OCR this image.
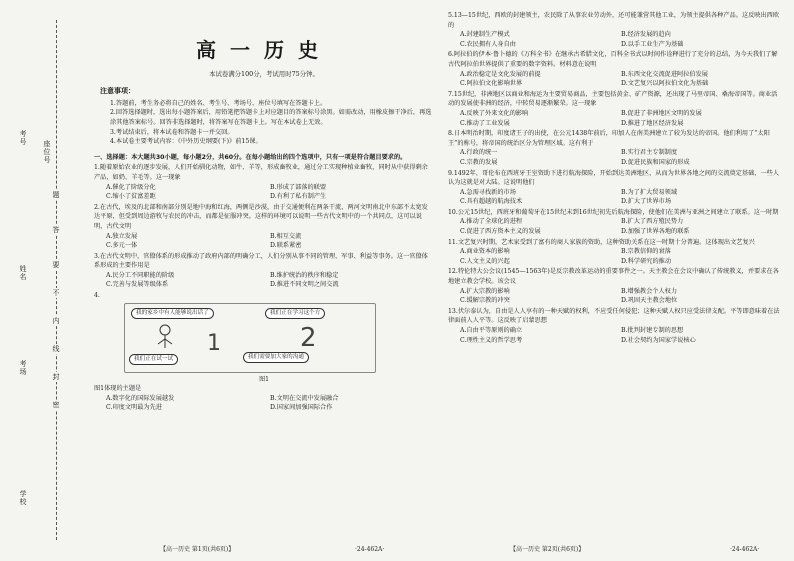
考号
姓名
考场
学校
座位号
题
答
要
不
内
线
封
密
高一历史
本试卷满分100分，考试用时75分钟。
注意事项：
1.答题前，考生务必将自己的姓名、考生号、考场号、座位号填写在答题卡上。
2.回答选择题时，选出每小题答案后，用铅笔把答题卡上对应题目的答案标号涂黑。如需改动，用橡皮擦干净后，再选涂其他答案标号。回答非选择题时，将答案写在答题卡上。写在本试卷上无效。
3.考试结束后，将本试卷和答题卡一并交回。
4.本试卷主要考试内容：《中外历史纲要(下)》前15课。
一、选择题：本大题共30小题，每小题2分，共60分。在每小题给出的四个选项中，只有一项是符合题目要求的。
1.随着原始农业的逐步发展，人们开始驯化动物，如牛、羊等，形成畜牧业，通过分工实现种植业畜牧，同时从中获得剩余产品，如奶、羊毛等。这一现象
A.催化了阶级分化	B.形成了部落的联盟
C.缩小了贫富差距	D.有利了私有制产生
2.在古代，埃及的北部和南部分别是地中海和红海，两侧是沙漠，由于交通便利在两条干流，两河文明南北中东部不太宽发达平原，但受到周边游牧与农民的冲击，而都是征服冲突。这样的环境可以说明一些古代文明中的一个共同点，这可以说明，古代文明
A.独立发展	B.相互交流
C.多元一体	D.联系紧密
3.在古代文明中，官僚体系的形成推动了政府内部的明确分工，人们分别从事不同的管理、军事、利益等事务。这一官僚体系形成的主要作用是
A.民分工不同职能的阶级	B.维护统治的秩序和稳定
C.完善与发展等级体系	D.推进不同文明之间交流
4.
我的家乡中有人能够说出话了	我们正在学习这个方
我们正在试一试	我们需要加大家的沟通
1	2
图1
图1体现的主题是
A.数字化的国际发展越发	B.文明在交流中发展融合
C.印度文明最为先进	D.国家间加强国际合作
5.13—15世纪，西欧的封建领主，农民除了从事农业劳动外，还可能兼营其他工业，为领主提供各种产品。这反映出西欧的
A.封建制生产模式	B.经济发展的趋向
C.农民拥有人身自由	D.以手工业生产为基础
6.阿拉伯的伊本·鲁卜德的《万科全书》在继承古希腊文化，百科全书式以时间作诠释进行了充分的总结，为今天我们了解古代阿拉伯世界提供了重要的数字资料。材料意在说明
A.政治稳定是文化发展的前提	B.东西文化交流促进阿拉伯发展
C.阿拉伯文化影响世界	D.文艺复兴以阿拉伯文化为基础
7.15世纪，非洲地区以商业和海运为主要贸易商品，主要包括黄金、矿产资源，还出现了马里帝国、桑海帝国等。商业活动的发展使非洲的经济，中转贸易逐渐繁荣。这一现象
A.反映了外来文化的影响	B.促进了非洲地区文明的发展
C.推动了工业发展	D.推进了地区经济发展
8.日本明治时期，印度诸王子的出使，在公元1438年前后，印加人在南美洲建立了较为发达的帝国。他们利用了“太阳王”的称号，将帝国的统治区分为管理区域。这有利于
A.行政的统一	B.实行君主专制制度
C.宗教的发展	D.促进民族和国家的形成
9.1492年，哥伦布在西班牙王室资助下进行航海探险，开始到达美洲地区，从而为世界各地之间的交流奠定基础，一些人认为这就是对大陆。这说明他们
A.急需寻找新的市场	B.为了扩大贸易领域
C.具有超越的航海技术	D.扩大了世界市场
10.公元15世纪，西班牙和葡萄牙在15世纪末到16世纪初先后航海探险，使他们在美洲与亚洲之间建立了联系。这一时期
A.推动了全球化的进程	B.扩大了西方殖民势力
C.促进了西方资本主义的发展	D.加强了世界各地的联系
11.文艺复兴时期，艺术家受到了富有的商人家族的资助，这种资助关系在这一时期十分普遍。这体现出文艺复兴
A.商业资本的影响	B.宗教信仰的衰落
C.人文主义的兴起	D.科学研究的推动
12.特伦特大公会议(1545—1563年)是反宗教改革运动的重要事件之一。天主教会在会议中确认了传统教义，并要求在各地建立教会学校。该会议
A.扩大宗教的影响	B.增强教会个人权力
C.缓解宗教的冲突	D.巩固天主教会地位
13.伏尔泰认为，自由是人人享有的一种天赋的权利，不应受任何侵犯；这种天赋人权只应受法律支配。平等即意味着在法律面前人人平等。这反映了启蒙思想
A.自由平等原则的确立	B.批判封建专制的思想
C.理性主义的哲学思考	D.社会契约为国家学说核心
【高一历史 第1页(共6页)】	·24-462A·	【高一历史 第2页(共6页)】	·24-462A·
